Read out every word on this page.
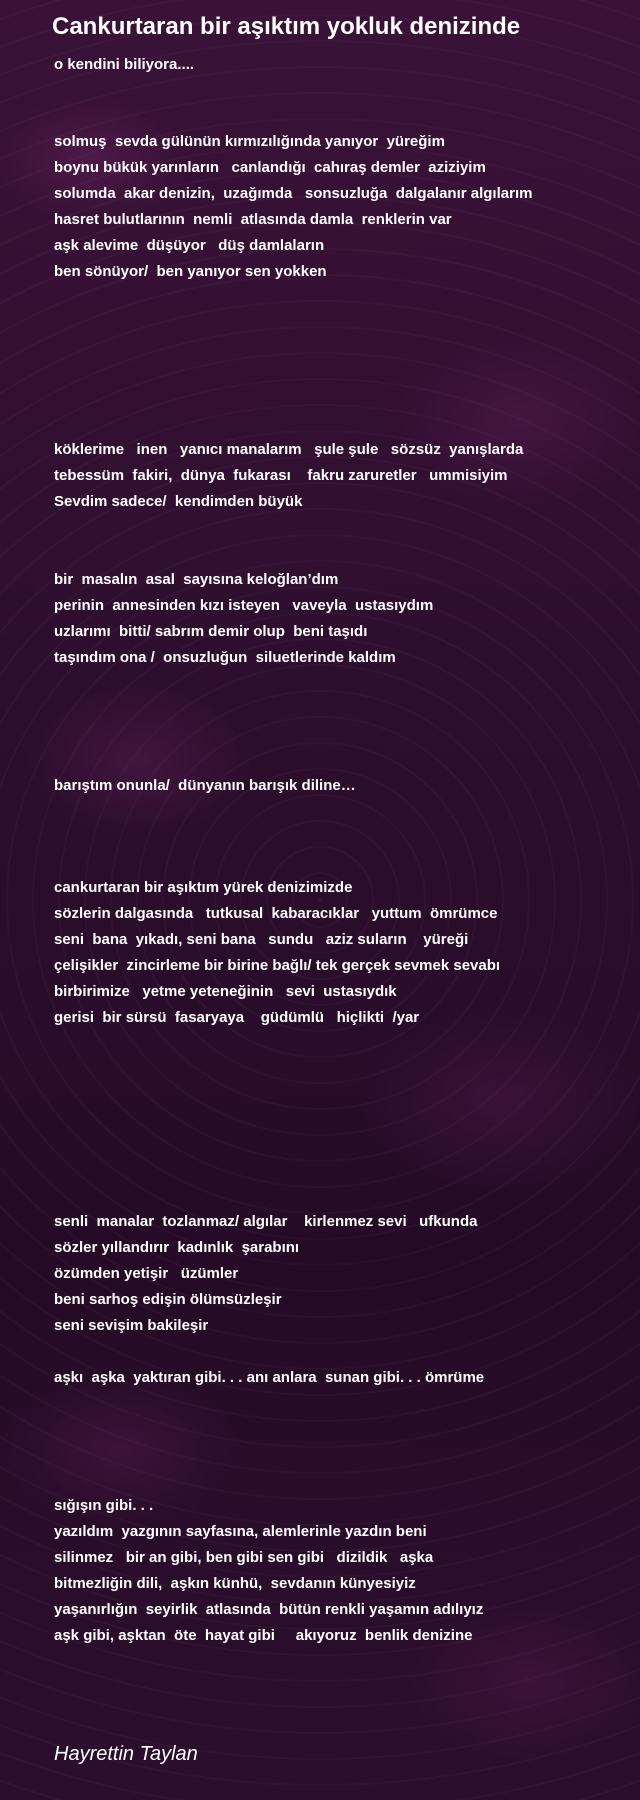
Cankurtaran bir aşıktım yokluk denizinde
o kendini biliyora....
solmuş  sevda gülünün kırmızılığında yanıyor  yüreğim
boynu bükük yarınların   canlandığı  cahıraş demler  aziziyim
solumda  akar denizin,  uzağımda   sonsuzluğa  dalgalanır algılarım
hasret bulutlarının  nemli  atlasında damla  renklerin var
aşk alevime  düşüyor   düş damlaların
ben sönüyor/  ben yanıyor sen yokken
köklerime   inen   yanıcı manalarım   şule şule   sözsüz  yanışlarda
tebessüm  fakiri,  dünya  fukarası    fakru zaruretler   ummisiyim
Sevdim sadece/  kendimden büyük
bir  masalın  asal  sayısına keloğlan’dım
perinin  annesinden kızı isteyen   vaveyla  ustasıydım
uzlarımı  bitti/ sabrım demir olup  beni taşıdı
taşındım ona /  onsuzluğun  siluetlerinde kaldım
barıştım onunla/  dünyanın barışık diline…
cankurtaran bir aşıktım yürek denizimizde
sözlerin dalgasında   tutkusal  kabaracıklar   yuttum  ömrümce
seni  bana  yıkadı, seni bana   sundu   aziz suların    yüreği
çelişikler  zincirleme bir birine bağlı/ tek gerçek sevmek sevabı
birbirimize   yetme yeteneğinin   sevi  ustasıydık
gerisi  bir sürsü  fasaryaya    güdümlü   hiçlikti  /yar
senli  manalar  tozlanmaz/ algılar    kirlenmez sevi   ufkunda
sözler yıllandırır  kadınlık  şarabını
özümden yetişir   üzümler
beni sarhoş edişin ölümsüzleşir
seni sevişim bakileşir
aşkı  aşka  yaktıran gibi. . . anı anlara  sunan gibi. . . ömrüme
sığışın gibi. . .
yazıldım  yazgının sayfasına, alemlerinle yazdın beni
silinmez   bir an gibi, ben gibi sen gibi   dizildik   aşka
bitmezliğin dili,  aşkın künhü,  sevdanın künyesiyiz
yaşanırlığın  seyirlik  atlasında  bütün renkli yaşamın adılıyız
aşk gibi, aşktan  öte  hayat gibi     akıyoruz  benlik denizine
Hayrettin Taylan
